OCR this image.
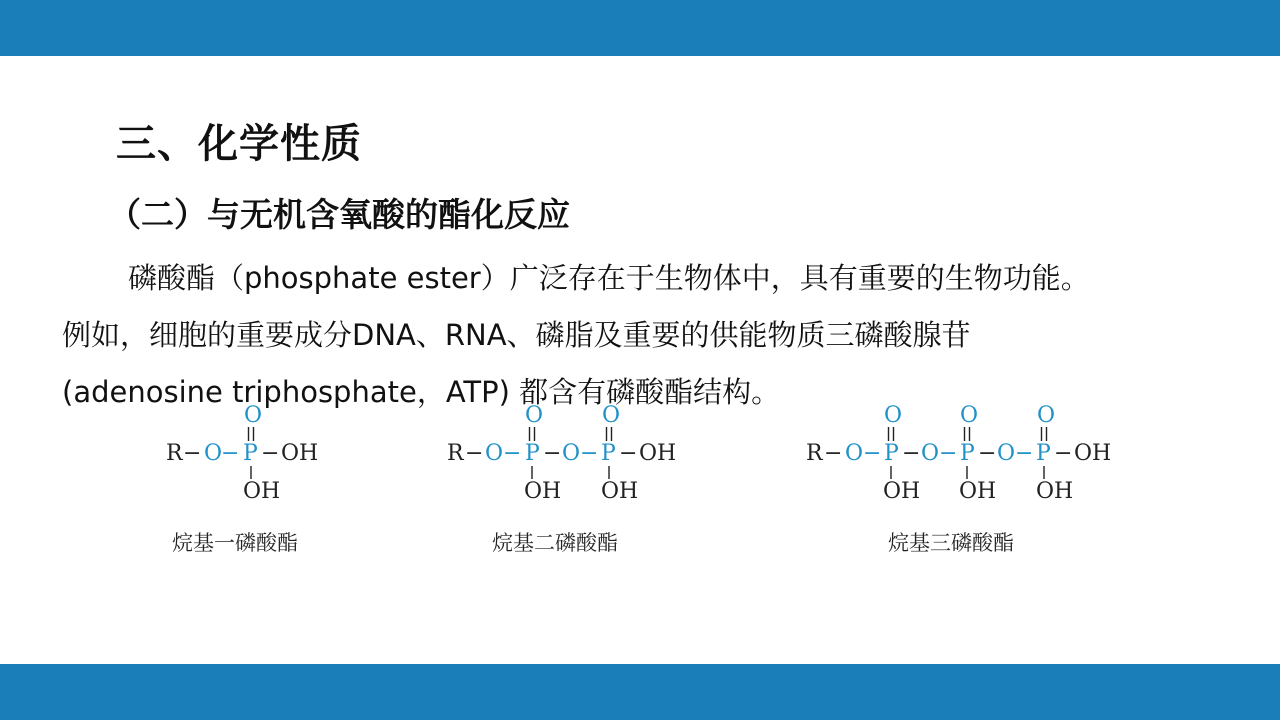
三、化学性质
（二）与无机含氧酸的酯化反应

磷酸酯（phosphate ester）广泛存在于生物体中，具有重要的生物功能。

例如，细胞的重要成分DNA、RNA、磷脂及重要的供能物质三磷酸腺苷

(adenosine triphosphate，ATP) 都含有磷酸酯结构。

R − O
− P − OH
O
OH
R − O − P − O − P − OH
O	O
OH OH
R − O − P − O − P − O − P − OH
O	O	O
OH OH OH
烷基一磷酸酯	烷基二磷酸酯	烷基三磷酸酯
